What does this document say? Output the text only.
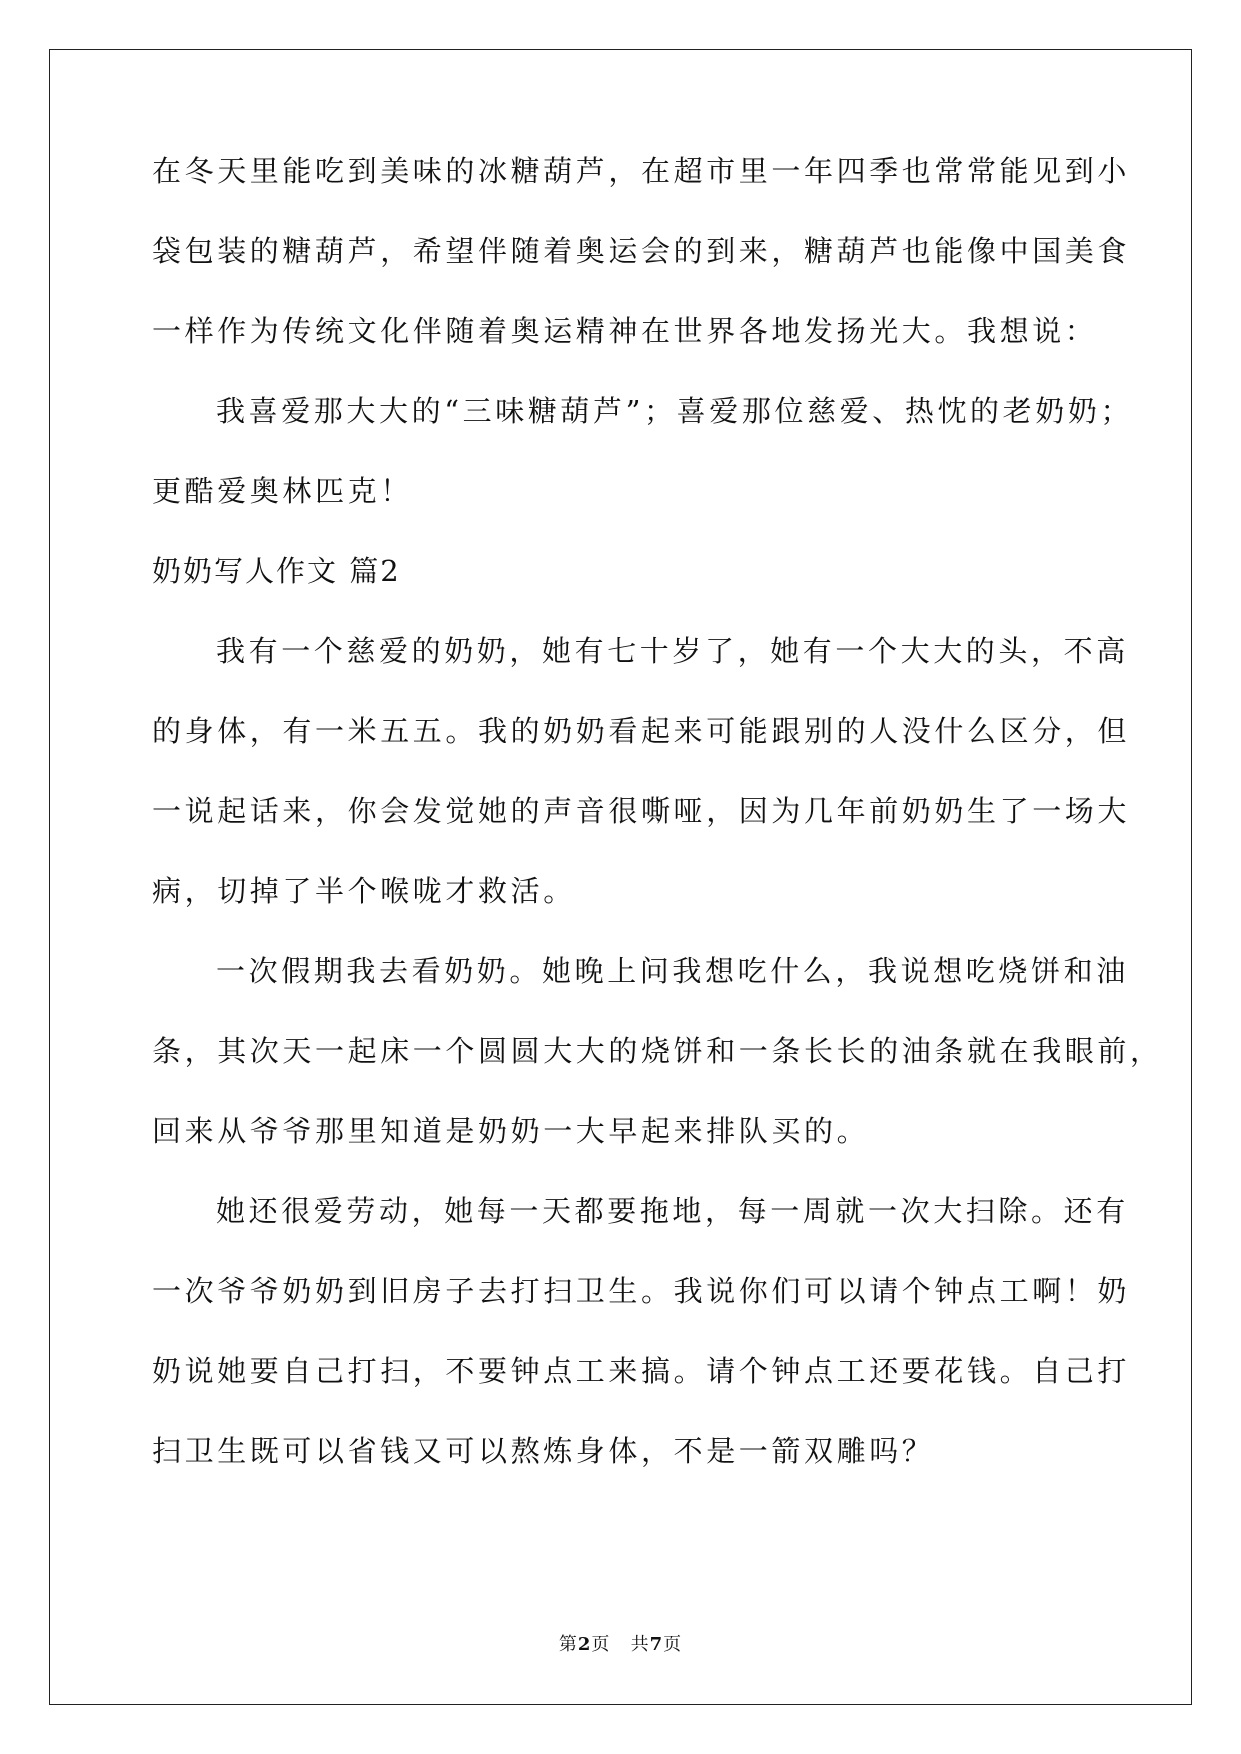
在冬天里能吃到美味的冰糖葫芦，在超市里一年四季也常常能见到小
袋包装的糖葫芦，希望伴随着奥运会的到来，糖葫芦也能像中国美食
一样作为传统文化伴随着奥运精神在世界各地发扬光大。我想说：
我喜爱那大大的“三味糖葫芦”；喜爱那位慈爱、热忱的老奶奶；
更酷爱奥林匹克！
奶奶写人作文 篇2
我有一个慈爱的奶奶，她有七十岁了，她有一个大大的头，不高
的身体，有一米五五。我的奶奶看起来可能跟别的人没什么区分，但
一说起话来，你会发觉她的声音很嘶哑，因为几年前奶奶生了一场大
病，切掉了半个喉咙才救活。
一次假期我去看奶奶。她晚上问我想吃什么，我说想吃烧饼和油
条，其次天一起床一个圆圆大大的烧饼和一条长长的油条就在我眼前，
回来从爷爷那里知道是奶奶一大早起来排队买的。
她还很爱劳动，她每一天都要拖地，每一周就一次大扫除。还有
一次爷爷奶奶到旧房子去打扫卫生。我说你们可以请个钟点工啊！奶
奶说她要自己打扫，不要钟点工来搞。请个钟点工还要花钱。自己打
扫卫生既可以省钱又可以熬炼身体，不是一箭双雕吗？
第2页   共7页
